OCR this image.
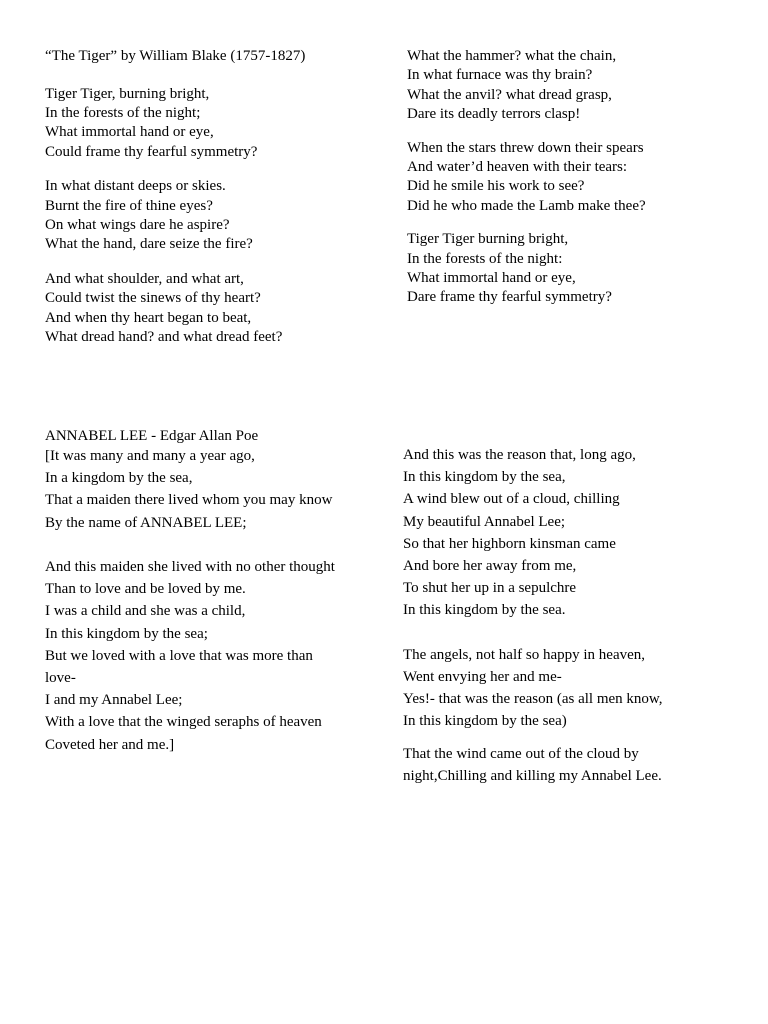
“The Tiger” by William Blake (1757-1827)
Tiger Tiger, burning bright,
In the forests of the night;
What immortal hand or eye,
Could frame thy fearful symmetry?
In what distant deeps or skies.
Burnt the fire of thine eyes?
On what wings dare he aspire?
What the hand, dare seize the fire?
And what shoulder, and what art,
Could twist the sinews of thy heart?
And when thy heart began to beat,
What dread hand? and what dread feet?
What the hammer? what the chain,
In what furnace was thy brain?
What the anvil? what dread grasp,
Dare its deadly terrors clasp!
When the stars threw down their spears
And water’d heaven with their tears:
Did he smile his work to see?
Did he who made the Lamb make thee?
Tiger Tiger burning bright,
In the forests of the night:
What immortal hand or eye,
Dare frame thy fearful symmetry?
ANNABEL LEE - Edgar Allan Poe
[It was many and many a year ago,
In a kingdom by the sea,
That a maiden there lived whom you may know
By the name of ANNABEL LEE;
And this maiden she lived with no other thought
Than to love and be loved by me.
I was a child and she was a child,
In this kingdom by the sea;
But we loved with a love that was more than
love-
I and my Annabel Lee;
With a love that the winged seraphs of heaven
Coveted her and me.]
And this was the reason that, long ago,
In this kingdom by the sea,
A wind blew out of a cloud, chilling
My beautiful Annabel Lee;
So that her highborn kinsman came
And bore her away from me,
To shut her up in a sepulchre
In this kingdom by the sea.
The angels, not half so happy in heaven,
Went envying her and me-
Yes!- that was the reason (as all men know,
In this kingdom by the sea)
That the wind came out of the cloud by
night,Chilling and killing my Annabel Lee.
